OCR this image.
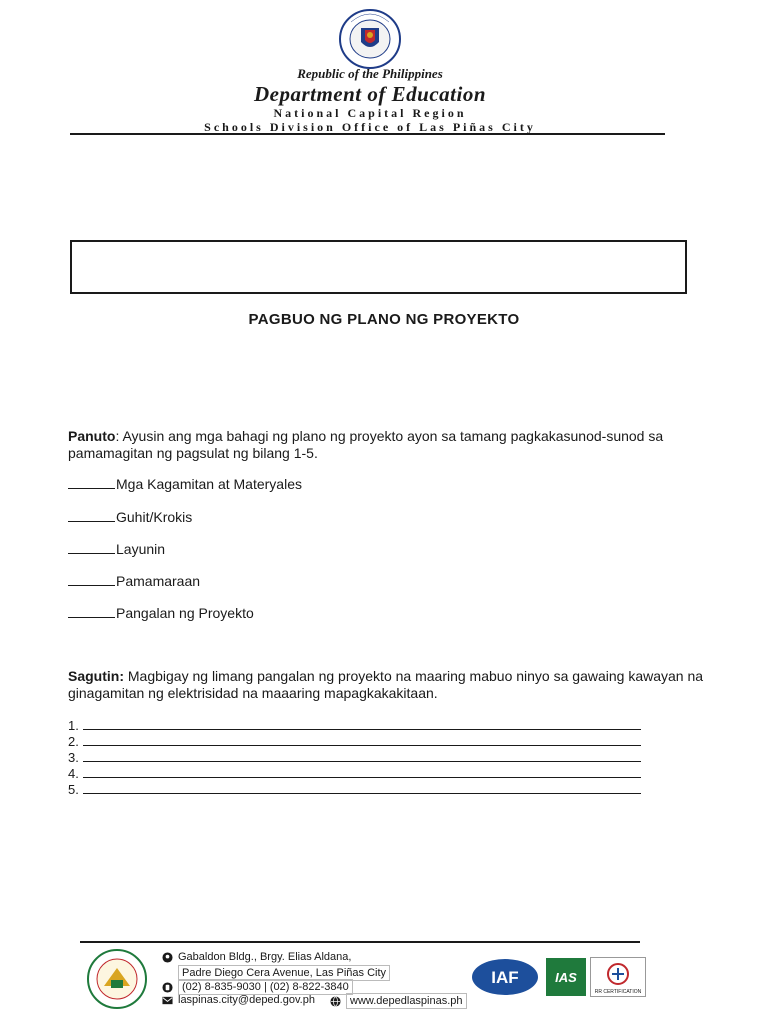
Republic of the Philippines
Department of Education
National Capital Region
Schools Division Office of Las Piñas City
PAGBUO NG PLANO NG PROYEKTO
Panuto: Ayusin ang mga bahagi ng plano ng proyekto ayon sa tamang pagkakasunod-sunod sa pamamagitan ng pagsulat ng bilang 1-5.
Mga Kagamitan at Materyales
Guhit/Krokis
Layunin
Pamamaraan
Pangalan ng Proyekto
Sagutin: Magbigay ng limang pangalan ng proyekto na maaring mabuo ninyo sa gawaing kawayan na ginagamitan ng elektrisidad na maaaring mapagkakakitaan.
1.
2.
3.
4.
5.
Gabaldon Bldg., Brgy. Elias Aldana,
Padre Diego Cera Avenue, Las Piñas City
(02) 8-835-9030 | (02) 8-822-3840
laspinas.city@deped.gov.ph	www.depedlaspinas.ph
IAF	IAS
RR CERTIFICATION
